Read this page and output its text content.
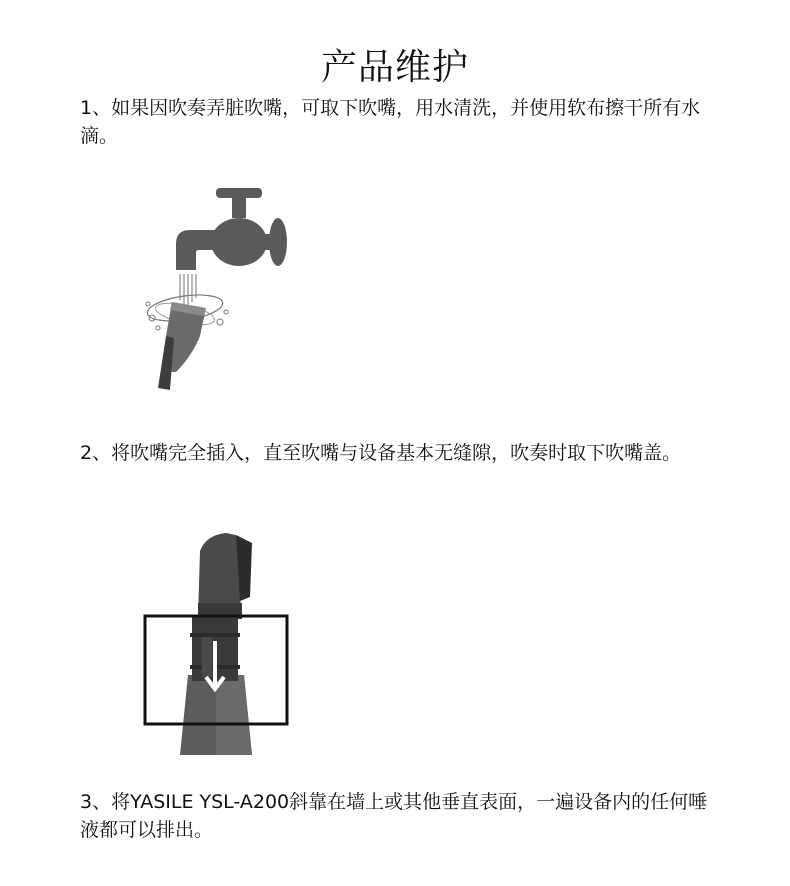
产品维护

1、如果因吹奏弄脏吹嘴，可取下吹嘴，用水清洗，并使用软布擦干所有水滴。

2、将吹嘴完全插入，直至吹嘴与设备基本无缝隙，吹奏时取下吹嘴盖。

3、将YASILE YSL-A200斜靠在墙上或其他垂直表面，一遍设备内的任何唾液都可以排出。
